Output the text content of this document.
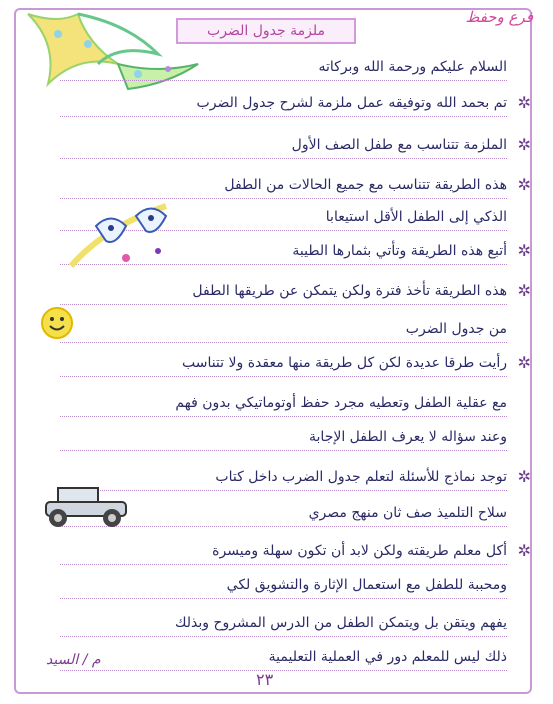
ملزمة جدول الضرب
فرع وحفظ
السلام عليكم ورحمة الله وبركاته
✲
تم بحمد الله وتوفيقه عمل ملزمة لشرح جدول الضرب
✲
الملزمة تتناسب مع طفل الصف الأول
✲
هذه الطريقة تتناسب مع جميع الحالات من الطفل
الذكي إلى الطفل الأقل استيعابا
✲
أتبع هذه الطريقة وتأتي بثمارها الطيبة
✲
هذه الطريقة تأخذ فترة ولكن يتمكن عن طريقها الطفل
من جدول الضرب
✲
رأيت طرقا عديدة لكن كل طريقة منها معقدة ولا تتناسب
مع عقلية الطفل وتعطيه مجرد حفظ أوتوماتيكي بدون فهم
وعند سؤاله لا يعرف الطفل الإجابة
✲
توجد نماذج للأسئلة لتعلم جدول الضرب داخل كتاب
سلاح التلميذ صف ثان منهج مصري
✲
أكل معلم طريقته ولكن لابد أن تكون سهلة وميسرة
ومحببة للطفل مع استعمال الإثارة والتشويق لكي
يفهم ويتقن بل ويتمكن الطفل من الدرس المشروح وبذلك
ذلك ليس للمعلم دور في العملية التعليمية
م / السيد
٢٣
